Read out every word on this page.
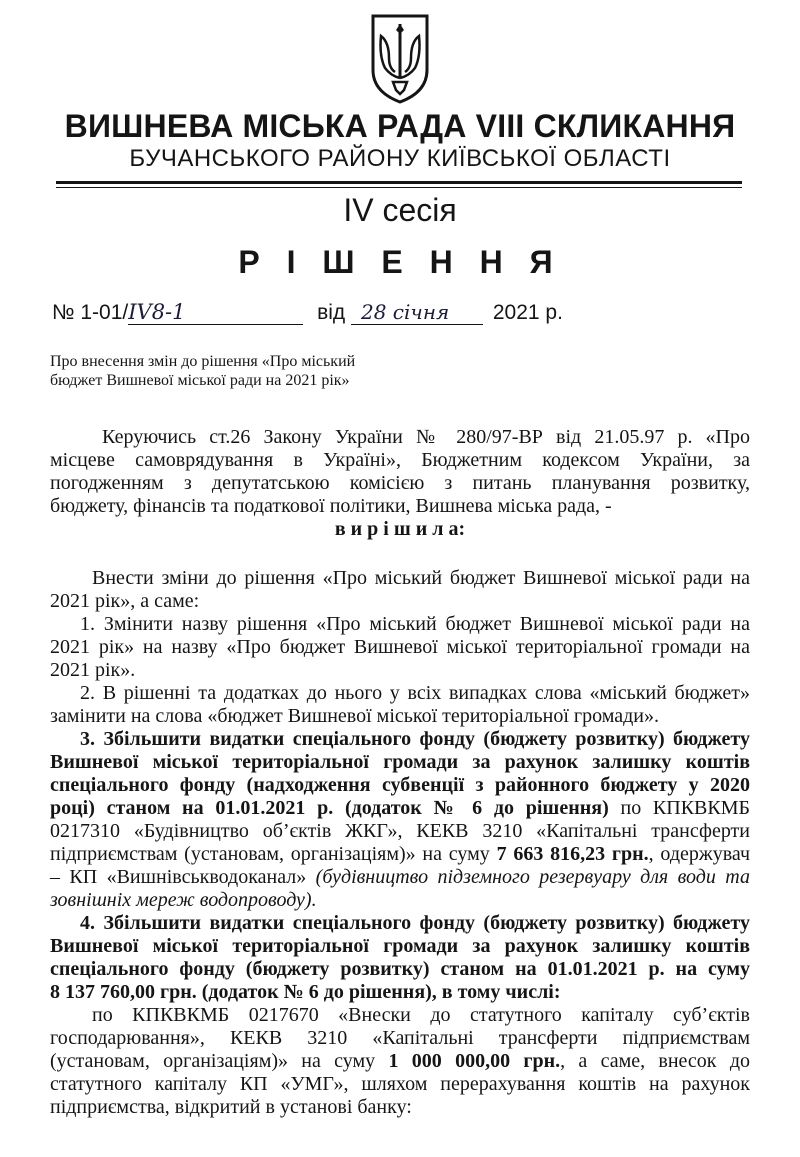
ВИШНЕВА МІСЬКА РАДА VIII СКЛИКАННЯ
БУЧАНСЬКОГО РАЙОНУ КИЇВСЬКОЇ ОБЛАСТІ
IV сесія
Р І Ш Е Н Н Я
№ 1-01/IV8-1	від 28 січня 2021 р.
Про внесення змін до рішення «Про міський
бюджет Вишневої міської ради на 2021 рік»
Керуючись ст.26 Закону України № 280/97-ВР від 21.05.97 р. «Про
місцеве самоврядування в Україні», Бюджетним кодексом України, за
погодженням з депутатською комісією з питань планування розвитку,
бюджету, фінансів та податкової політики, Вишнева міська рада, -
в и р і ш и л а:
Внести зміни до рішення «Про міський бюджет Вишневої міської ради на
2021 рік», а саме:
1. Змінити назву рішення «Про міський бюджет Вишневої міської ради на
2021 рік» на назву «Про бюджет Вишневої міської територіальної громади на
2021 рік».
2. В рішенні та додатках до нього у всіх випадках слова «міський бюджет»
замінити на слова «бюджет Вишневої міської територіальної громади».
3. Збільшити видатки спеціального фонду (бюджету розвитку) бюджету
Вишневої міської територіальної громади за рахунок залишку коштів
спеціального фонду (надходження субвенції з районного бюджету у 2020
році) станом на 01.01.2021 р. (додаток № 6 до рішення) по КПКВКМБ
0217310 «Будівництво об’єктів ЖКГ», КЕКВ 3210 «Капітальні трансферти
підприємствам (установам, організаціям)» на суму 7 663 816,23 грн., одержувач
– КП «Вишнівськводоканал» (будівництво підземного резервуару для води та
зовнішніх мереж водопроводу).
4. Збільшити видатки спеціального фонду (бюджету розвитку) бюджету
Вишневої міської територіальної громади за рахунок залишку коштів
спеціального фонду (бюджету розвитку) станом на 01.01.2021 р. на суму
8 137 760,00 грн. (додаток № 6 до рішення), в тому числі:
по КПКВКМБ 0217670 «Внески до статутного капіталу суб’єктів
господарювання», КЕКВ 3210 «Капітальні трансферти підприємствам
(установам, організаціям)» на суму 1 000 000,00 грн., а саме, внесок до
статутного капіталу КП «УМГ», шляхом перерахування коштів на рахунок
підприємства, відкритий в установі банку:
